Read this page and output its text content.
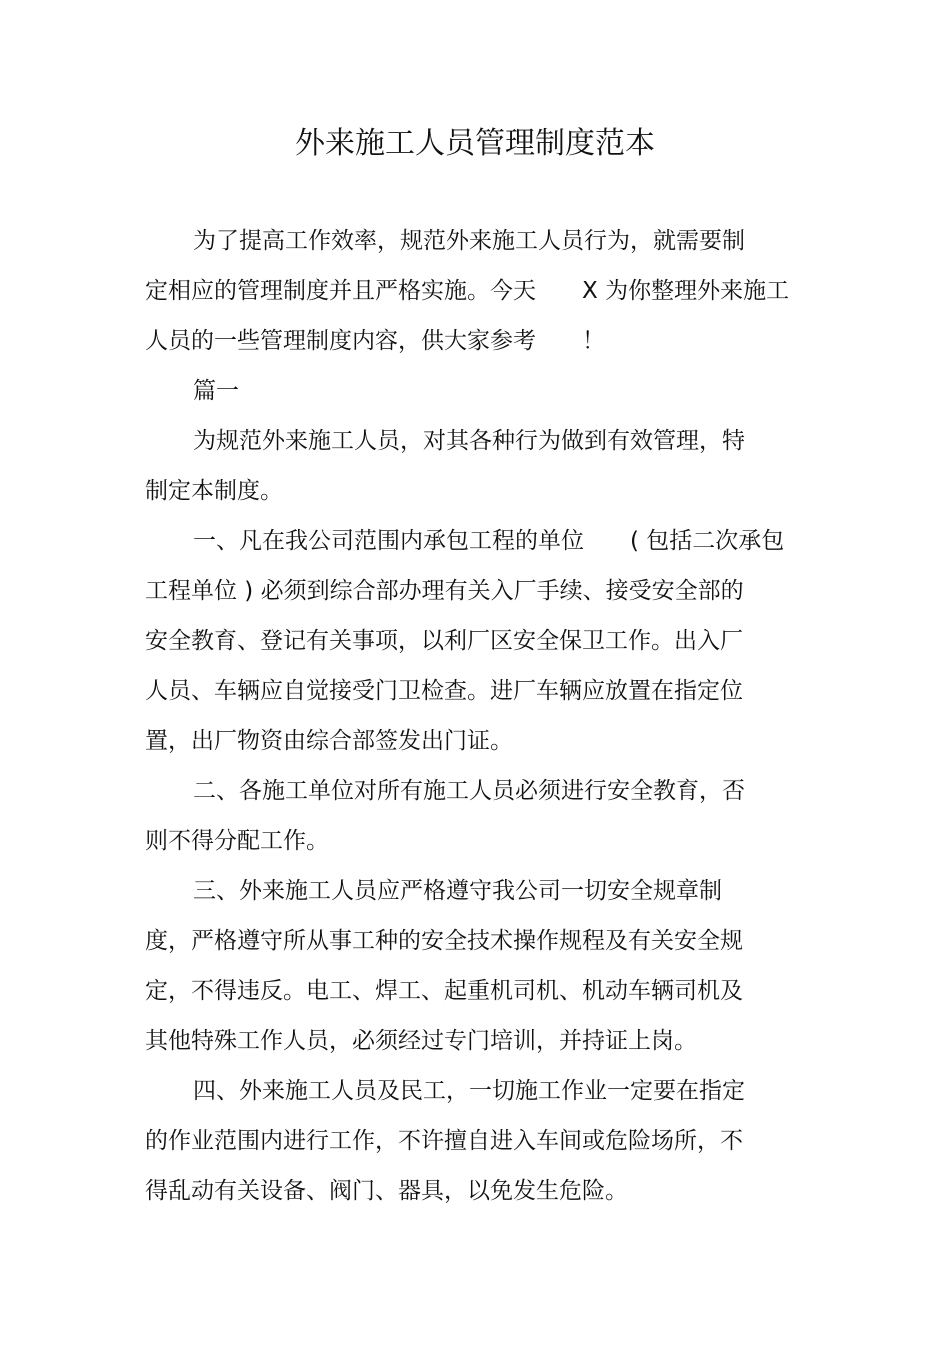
外来施工人员管理制度范本
为了提高工作效率，规范外来施工人员行为，就需要制
定相应的管理制度并且严格实施。今天　　X 为你整理外来施工
人员的一些管理制度内容，供大家参考　　！
篇一
为规范外来施工人员，对其各种行为做到有效管理，特
制定本制度。
一、凡在我公司范围内承包工程的单位　　( 包括二次承包
工程单位 ) 必须到综合部办理有关入厂手续、接受安全部的
安全教育、登记有关事项，以利厂区安全保卫工作。出入厂
人员、车辆应自觉接受门卫检查。进厂车辆应放置在指定位
置，出厂物资由综合部签发出门证。
二、各施工单位对所有施工人员必须进行安全教育，否
则不得分配工作。
三、外来施工人员应严格遵守我公司一切安全规章制
度，严格遵守所从事工种的安全技术操作规程及有关安全规
定，不得违反。电工、焊工、起重机司机、机动车辆司机及
其他特殊工作人员，必须经过专门培训，并持证上岗。
四、外来施工人员及民工，一切施工作业一定要在指定
的作业范围内进行工作，不许擅自进入车间或危险场所，不
得乱动有关设备、阀门、器具，以免发生危险。
